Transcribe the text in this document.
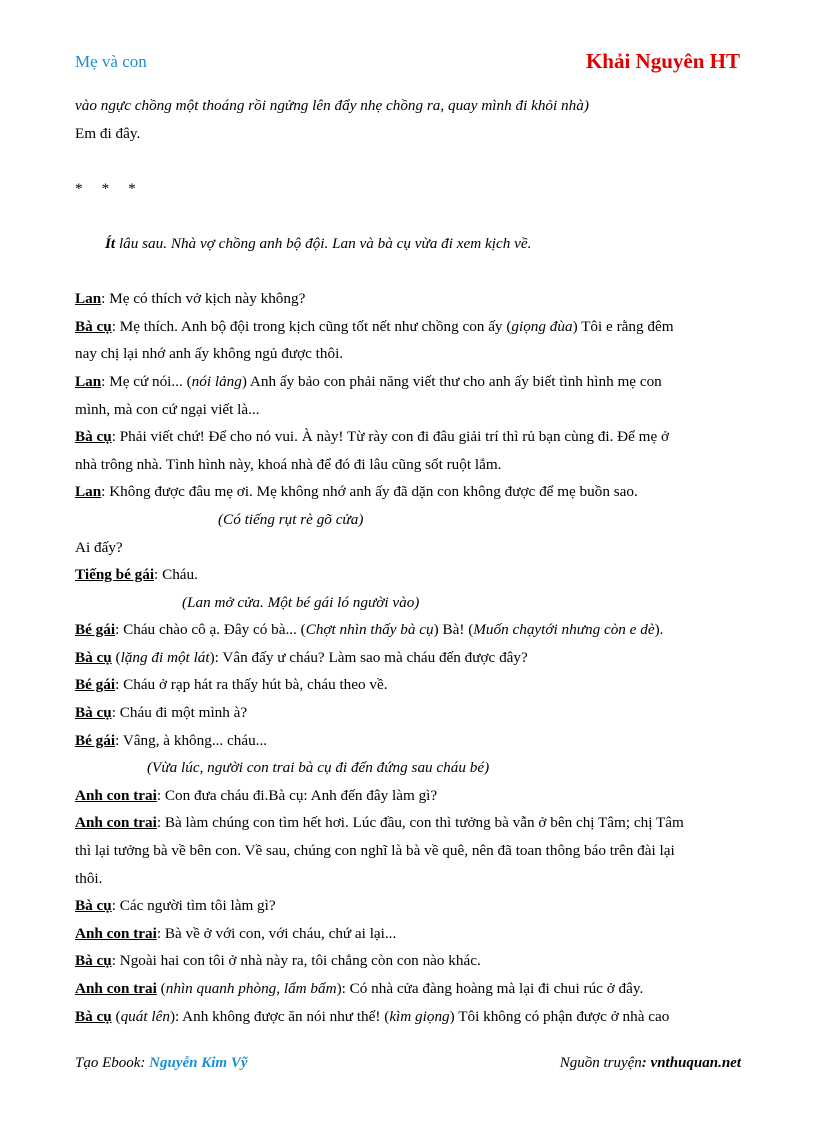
Mẹ và con	Khải Nguyên HT
vào ngực chồng một thoáng rồi ngửng lên đẩy nhẹ chồng ra, quay mình đi khỏi nhà)
Em đi đây.
*     *     *
Ít lâu sau. Nhà vợ chồng anh bộ đội. Lan và bà cụ vừa đi xem kịch về.
Lan: Mẹ có thích vở kịch này không?
Bà cụ: Mẹ thích. Anh bộ đội trong kịch cũng tốt nết như chồng con ấy (giọng đùa) Tôi e rằng đêm
nay chị lại nhớ anh ấy không ngủ được thôi.
Lan: Mẹ cứ nói... (nói lảng) Anh ấy bảo con phải năng viết thư cho anh ấy biết tình hình mẹ con
mình, mà con cứ ngại viết là...
Bà cụ: Phải viết chứ! Để cho nó vui. À này! Từ rày con đi đâu giải trí thì rủ bạn cùng đi. Để mẹ ở
nhà trông nhà. Tình hình này, khoá nhà để đó đi lâu cũng sốt ruột lắm.
Lan: Không được đâu mẹ ơi. Mẹ không nhớ anh ấy đã dặn con không được để mẹ buồn sao.
(Có tiếng rụt rè gõ cửa)
Ai đấy?
Tiếng bé gái: Cháu.
(Lan mở cửa. Một bé gái ló người vào)
Bé gái: Cháu chào cô ạ. Đây có bà... (Chợt nhìn thấy bà cụ) Bà! (Muốn chạytới nhưng còn e dè).
Bà cụ (lặng đi một lát): Vân đấy ư cháu? Làm sao mà cháu đến được đây?
Bé gái: Cháu ở rạp hát ra thấy hút bà, cháu theo về.
Bà cụ: Cháu đi một mình à?
Bé gái: Vâng, à không... cháu...
(Vừa lúc, người con trai bà cụ đi đến đứng sau cháu bé)
Anh con trai: Con đưa cháu đi.Bà cụ: Anh đến đây làm gì?
Anh con trai: Bà làm chúng con tìm hết hơi. Lúc đầu, con thì tưởng bà vẫn ở bên chị Tâm; chị Tâm
thì lại tưởng bà về bên con. Về sau, chúng con nghĩ là bà về quê, nên đã toan thông báo trên đài lại
thôi.
Bà cụ: Các người tìm tôi làm gì?
Anh con trai: Bà về ở với con, với cháu, chứ ai lại...
Bà cụ: Ngoài hai con tôi ở nhà này ra, tôi chẳng còn con nào khác.
Anh con trai (nhìn quanh phòng, lẩm bẩm): Có nhà cửa đàng hoàng mà lại đi chui rúc ở đây.
Bà cụ (quát lên): Anh không được ăn nói như thế! (kìm giọng) Tôi không có phận được ở nhà cao
Tạo Ebook: Nguyễn Kim Vỹ	Nguồn truyện: vnthuquan.net
